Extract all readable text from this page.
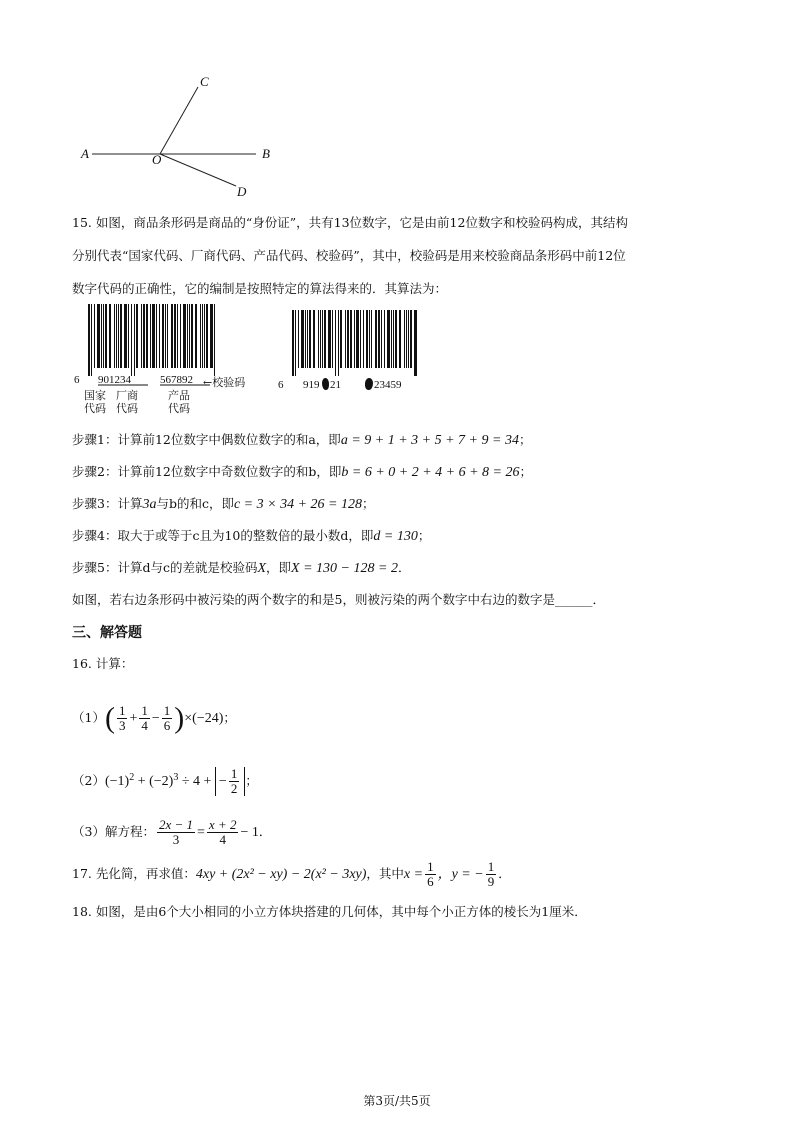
A	B
C
D
O
15. 如图，商品条形码是商品的“身份证”，共有13位数字，它是由前12位数字和校验码构成，其结构
分别代表“国家代码、厂商代码、产品代码、校验码”，其中，校验码是用来校验商品条形码中前12位
数字代码的正确性，它的编制是按照特定的算法得来的．其算法为：
6 901234	567892 ←校验码
国家
代码
厂商
代码
产品
代码
6 919 21	23459
步骤1：计算前12位数字中偶数位数字的和a，即a = 9 + 1 + 3 + 5 + 7 + 9 = 34；
步骤2：计算前12位数字中奇数位数字的和b，即b = 6 + 0 + 2 + 4 + 6 + 8 = 26；
步骤3：计算3a与b的和c，即c = 3 × 34 + 26 = 128；
步骤4：取大于或等于c且为10的整数倍的最小数d，即d = 130；
步骤5：计算d与c的差就是校验码X，即X = 130 − 128 = 2．
如图，若右边条形码中被污染的两个数字的和是5，则被污染的两个数字中右边的数字是______．
三、解答题
16. 计算：
$(1)( \frac{1}{3} + \frac{1}{4} - \frac{1}{6} )\times(-24)$；
$(2)(-1)^2 + (-2)^3 \div 4$ + − $\frac{1}{2}$ ；
（3）解方程： $\frac{2x - 1}{3} = \frac{x + 2}{4} - 1$．
17. 先化简，再求值：4xy + (2x² − xy) − 2(x² − 3xy)，其中$x = \frac{1}{6}$ ，y = − $\frac{1}{9}$ ．
18. 如图，是由6个大小相同的小立方体块搭建的几何体，其中每个小正方体的棱长为1厘米．
第3页/共5页
